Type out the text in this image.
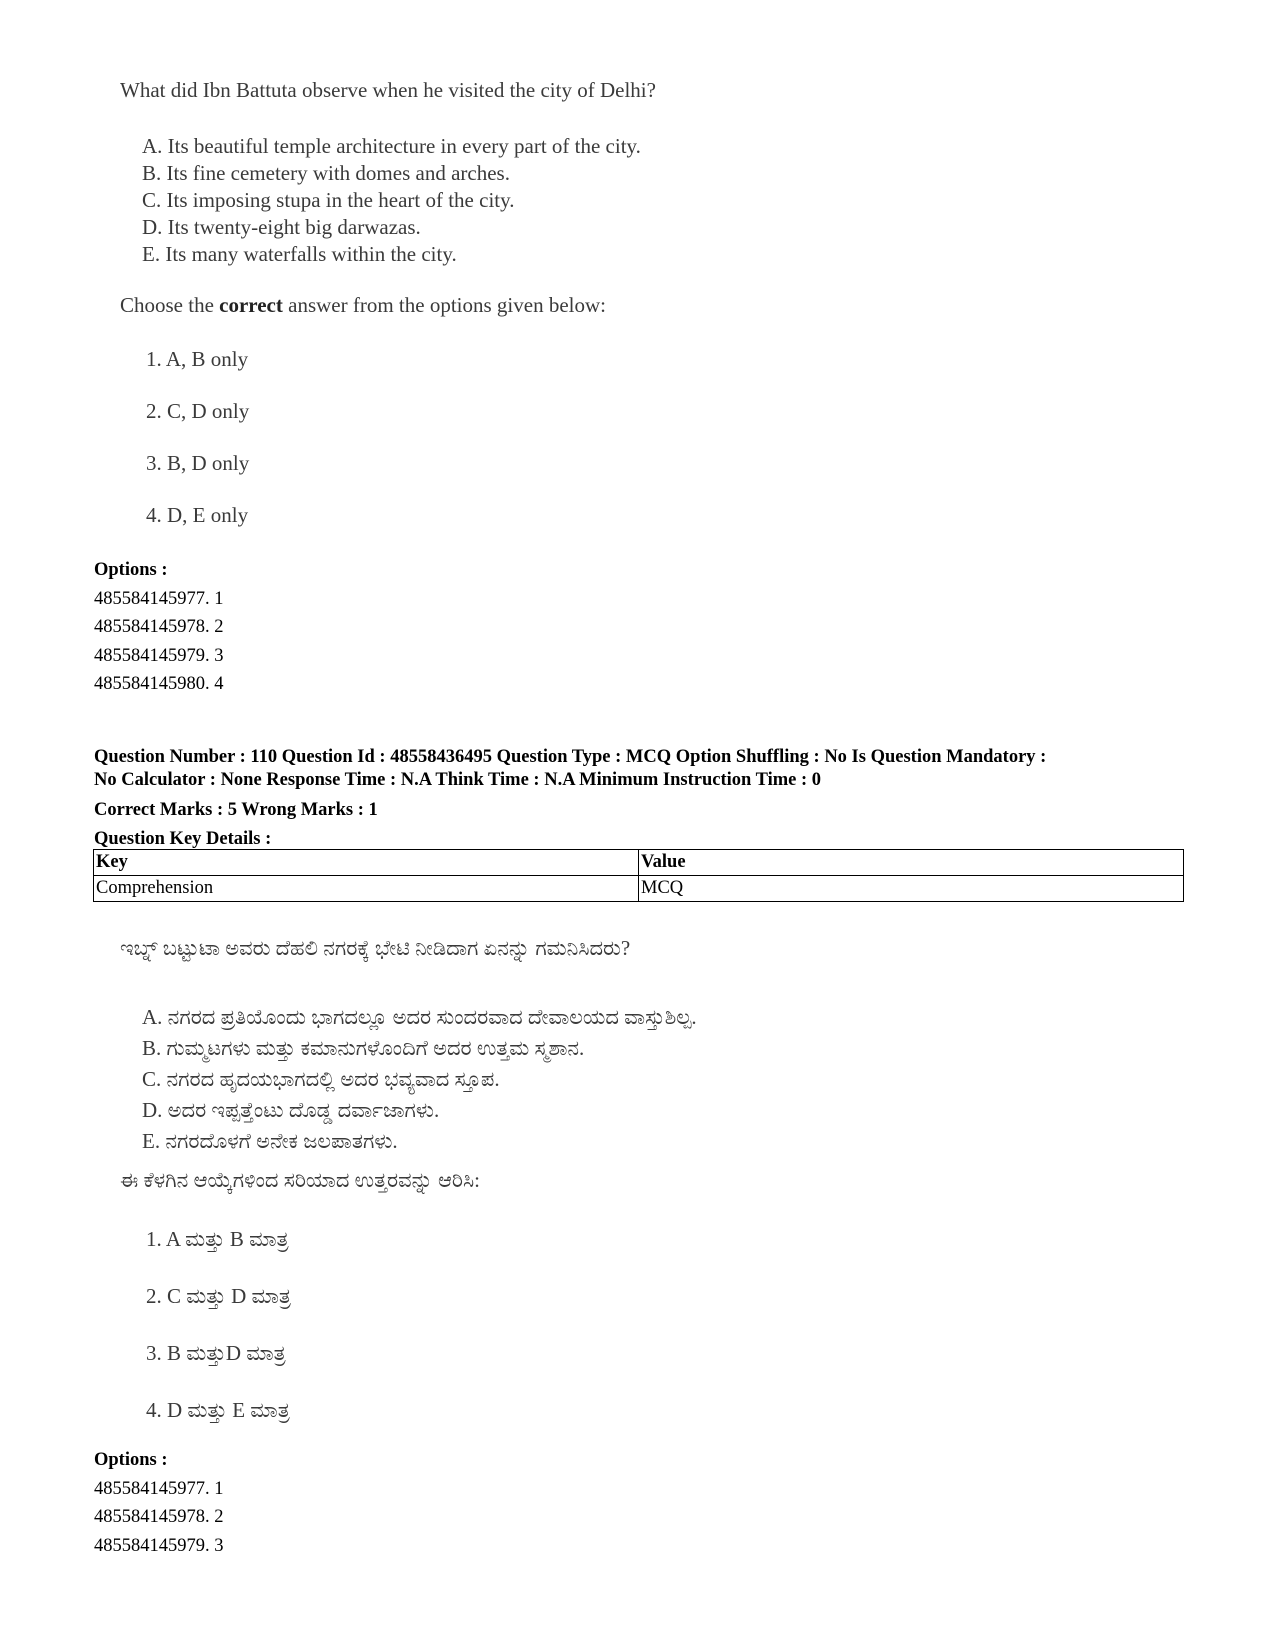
What did Ibn Battuta observe when he visited the city of Delhi?
A. Its beautiful temple architecture in every part of the city.
B. Its fine cemetery with domes and arches.
C. Its imposing stupa in the heart of the city.
D. Its twenty-eight big darwazas.
E. Its many waterfalls within the city.
Choose the correct answer from the options given below:
1. A, B only
2. C, D only
3. B, D only
4. D, E only
Options :
485584145977. 1
485584145978. 2
485584145979. 3
485584145980. 4
Question Number : 110 Question Id : 48558436495 Question Type : MCQ Option Shuffling : No Is Question Mandatory :
No Calculator : None Response Time : N.A Think Time : N.A Minimum Instruction Time : 0
Correct Marks : 5 Wrong Marks : 1
Question Key Details :
Key	Value
Comprehension	MCQ
ಇಬ್ನ್ ಬಟ್ಟುಟಾ ಅವರು ದೆಹಲಿ ನಗರಕ್ಕೆ ಭೇಟಿ ನೀಡಿದಾಗ ಏನನ್ನು ಗಮನಿಸಿದರು?
A. ನಗರದ ಪ್ರತಿಯೊಂದು ಭಾಗದಲ್ಲೂ ಅದರ ಸುಂದರವಾದ ದೇವಾಲಯದ ವಾಸ್ತುಶಿಲ್ಪ.
B. ಗುಮ್ಮಟಗಳು ಮತ್ತು ಕಮಾನುಗಳೊಂದಿಗೆ ಅದರ ಉತ್ತಮ ಸ್ಮಶಾನ.
C. ನಗರದ ಹೃದಯಭಾಗದಲ್ಲಿ ಅದರ ಭವ್ಯವಾದ ಸ್ತೂಪ.
D. ಅದರ ಇಪ್ಪತ್ತೆಂಟು ದೊಡ್ಡ ದರ್ವಾಜಾಗಳು.
E. ನಗರದೊಳಗೆ ಅನೇಕ ಜಲಪಾತಗಳು.
ಈ ಕೆಳಗಿನ ಆಯ್ಕೆಗಳಿಂದ ಸರಿಯಾದ ಉತ್ತರವನ್ನು ಆರಿಸಿ:
1. A ಮತ್ತು B ಮಾತ್ರ
2. C ಮತ್ತು D ಮಾತ್ರ
3. B ಮತ್ತುD ಮಾತ್ರ
4. D ಮತ್ತು E ಮಾತ್ರ
Options :
485584145977. 1
485584145978. 2
485584145979. 3
